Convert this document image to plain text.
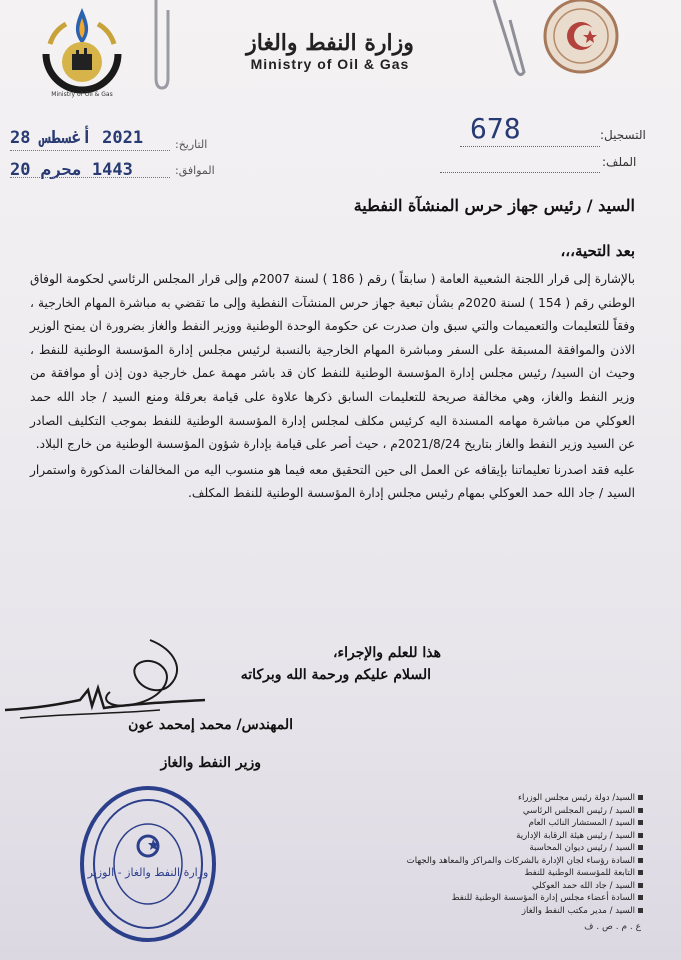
Ministry of Oil & Gas
وزارة النفط والغاز
Ministry of Oil & Gas
2021 أغسطس 28	التاريخ:
1443 محرم 20	الموافق:
678	التسجيل:
الملف:
السيد / رئيس جهاز حرس المنشآة النفطية
بعد التحية،،،

بالإشارة إلى قرار اللجنة الشعبية العامة ( سابقاً ) رقم ( 186 ) لسنة 2007م وإلى قرار المجلس الرئاسي لحكومة الوفاق الوطني رقم ( 154 ) لسنة 2020م بشأن تبعية جهاز حرس المنشآت النفطية وإلى ما تقضي به مباشرة المهام الخارجية ، وفقاً للتعليمات والتعميمات والتي سبق وان صدرت عن حكومة الوحدة الوطنية ووزير النفط والغاز بضرورة ان يمنح الوزير الاذن والموافقة المسبقة على السفر ومباشرة المهام الخارجية بالنسبة لرئيس مجلس إدارة المؤسسة الوطنية للنفط ، وحيث ان السيد/ رئيس مجلس إدارة المؤسسة الوطنية للنفط كان قد باشر مهمة عمل خارجية دون إذن أو موافقة من وزير النفط والغاز، وهي مخالفة صريحة للتعليمات السابق ذكرها علاوة على قيامة بعرقلة ومنع السيد / جاد الله حمد العوكلي من مباشرة مهامه المسندة اليه كرئيس مكلف لمجلس إدارة المؤسسة الوطنية للنفط بموجب التكليف الصادر عن السيد وزير النفط والغاز بتاريخ 2021/8/24م ، حيث أصر على قيامة بإدارة شؤون المؤسسة الوطنية من خارج البلاد.

عليه فقد اصدرنا تعليماتنا بإيقافه عن العمل الى حين التحقيق معه فيما هو منسوب اليه من المخالفات المذكورة واستمرار السيد / جاد الله حمد العوكلي بمهام رئيس مجلس إدارة المؤسسة الوطنية للنفط المكلف.

هذا للعلم والإجراء،
السلام عليكم ورحمة الله وبركاته
المهندس/ محمد إمحمد عون
وزير النفط والغاز
وزارة النفط والغاز - الوزير
السيد/ دولة رئيس مجلس الوزراء
السيد / رئيس المجلس الرئاسي
السيد / المستشار النائب العام
السيد / رئيس هيئة الرقابة الإدارية
السيد / رئيس ديوان المحاسبة
السادة رؤساء لجان الإدارة بالشركات والمراكز والمعاهد والجهات
التابعة للمؤسسة الوطنية للنفط
السيد / جاد الله حمد العوكلي
السادة أعضاء مجلس إدارة المؤسسة الوطنية للنفط
السيد / مدير مكتب النفط والغاز
ع . م . ص . ف
